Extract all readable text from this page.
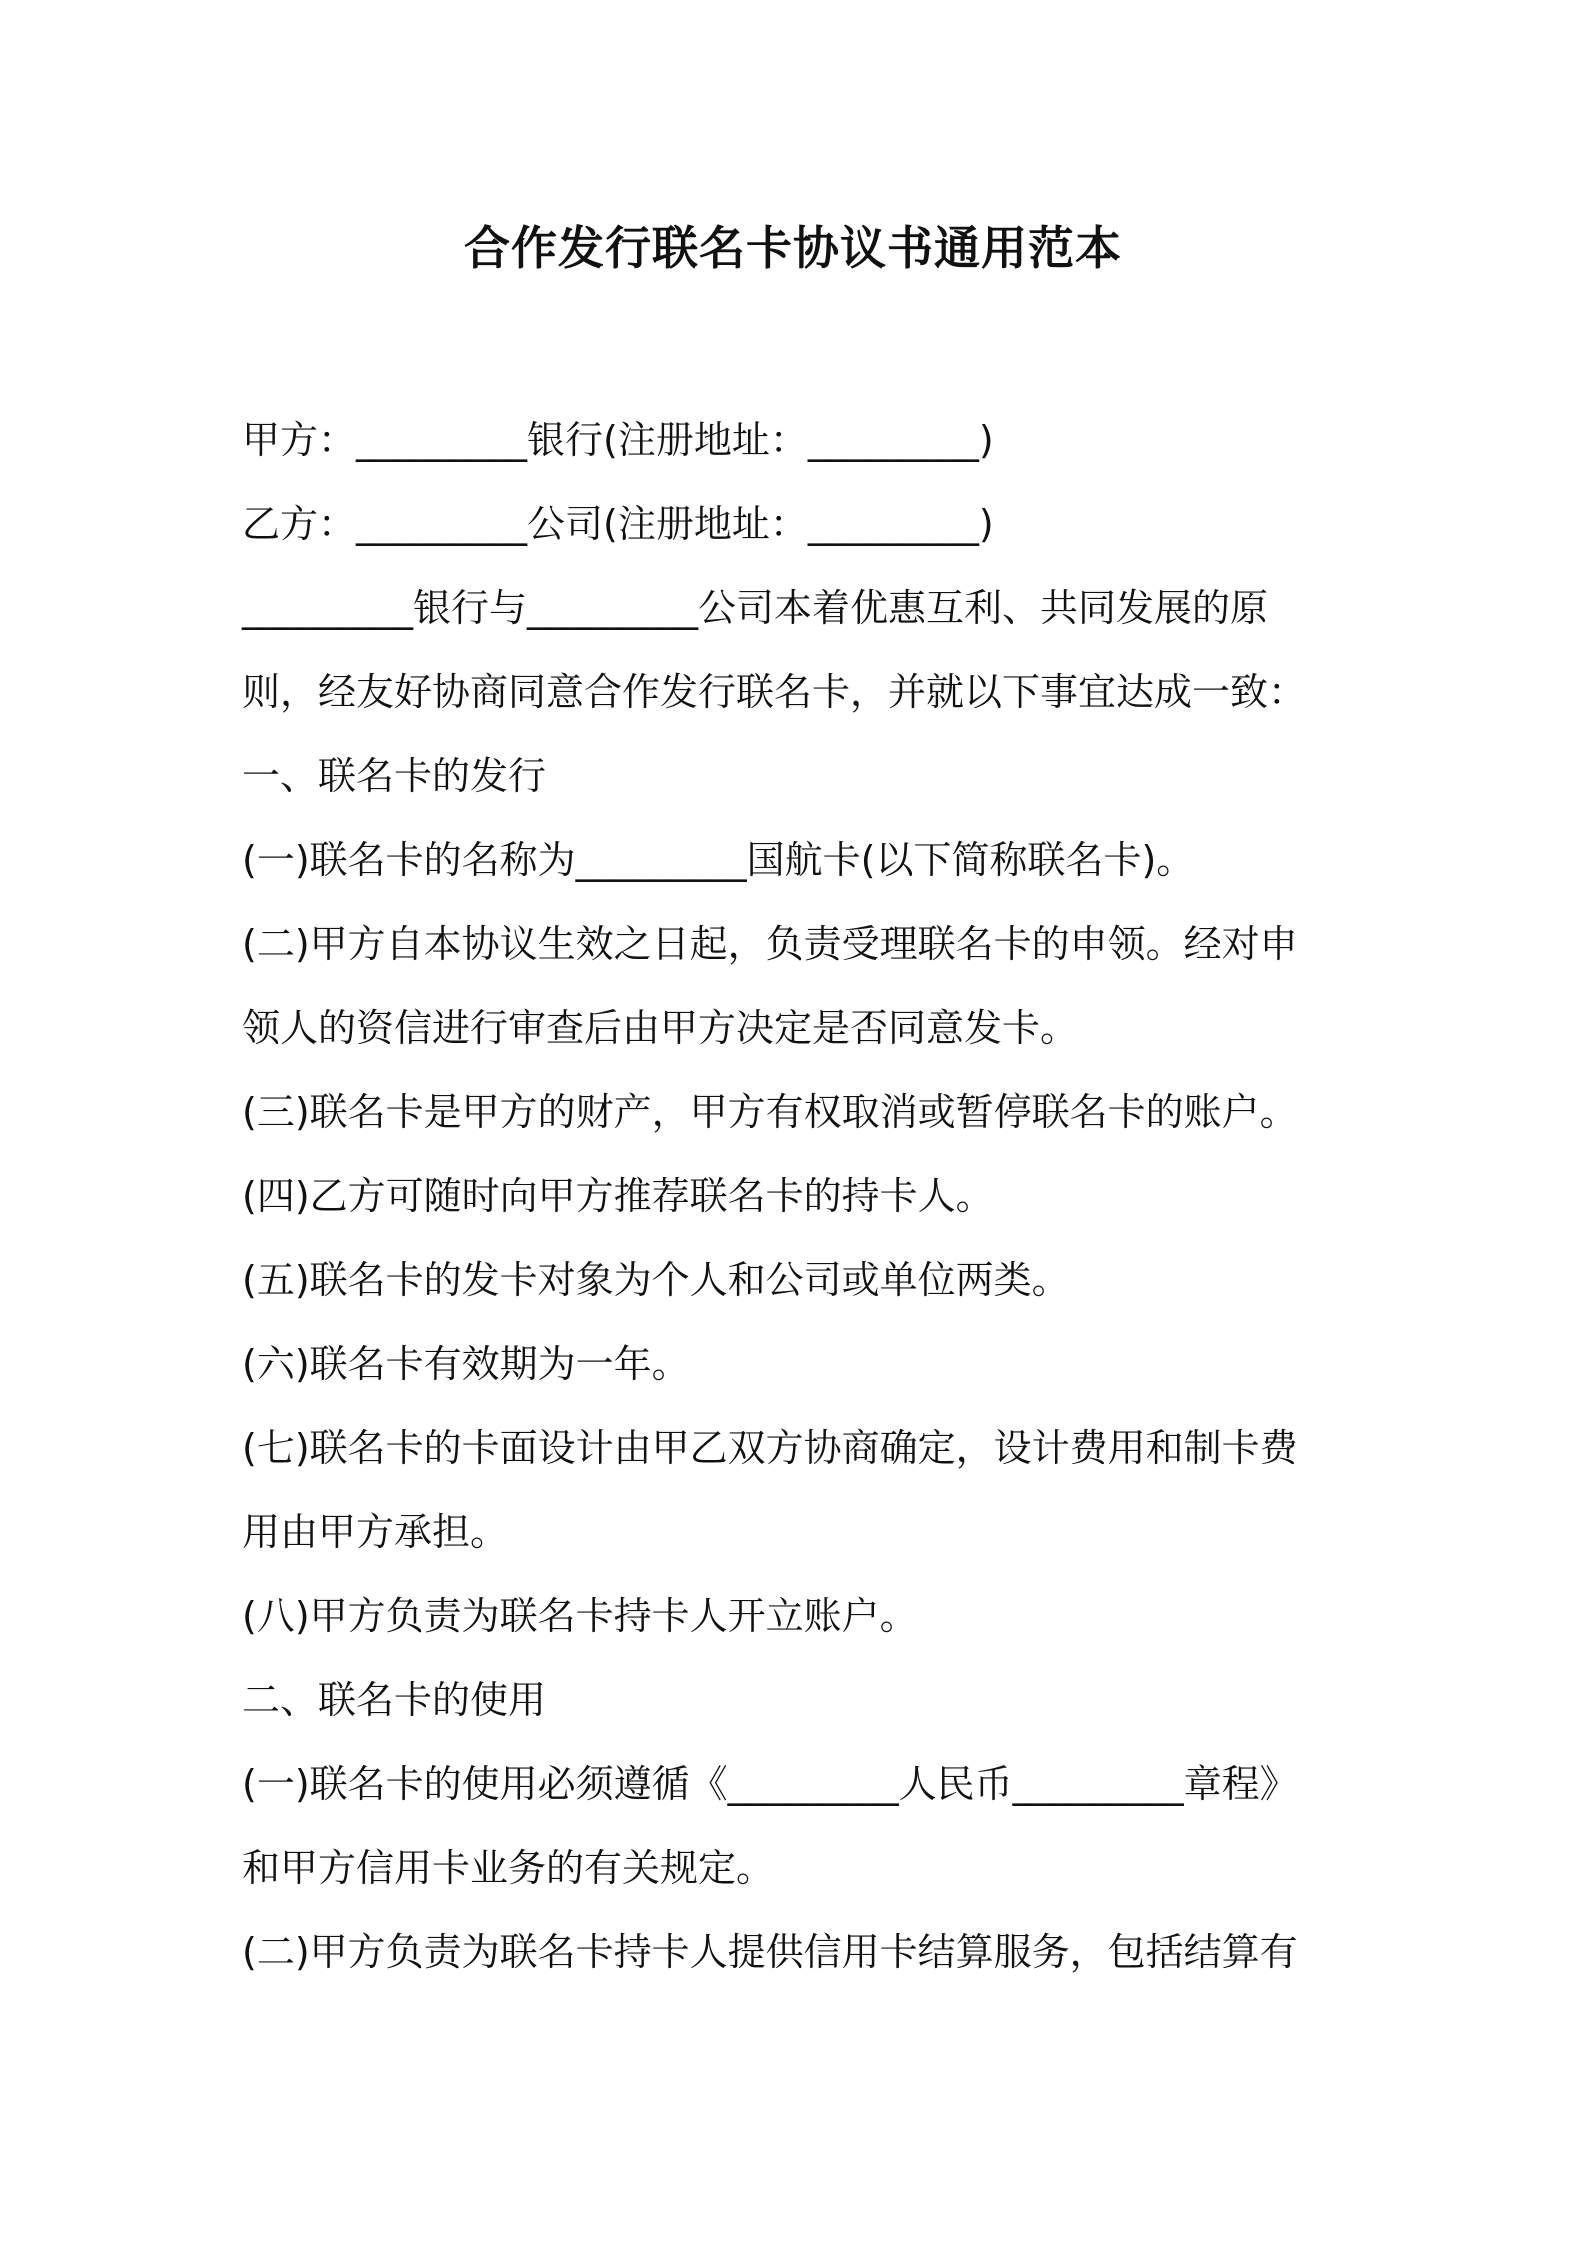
合作发行联名卡协议书通用范本

甲方：_________银行(注册地址：_________)

乙方：_________公司(注册地址：_________)

_________银行与_________公司本着优惠互利、共同发展的原

则，经友好协商同意合作发行联名卡，并就以下事宜达成一致：

一、联名卡的发行

(一)联名卡的名称为_________国航卡(以下简称联名卡)。

(二)甲方自本协议生效之日起，负责受理联名卡的申领。经对申

领人的资信进行审查后由甲方决定是否同意发卡。

(三)联名卡是甲方的财产，甲方有权取消或暂停联名卡的账户。

(四)乙方可随时向甲方推荐联名卡的持卡人。

(五)联名卡的发卡对象为个人和公司或单位两类。

(六)联名卡有效期为一年。

(七)联名卡的卡面设计由甲乙双方协商确定，设计费用和制卡费

用由甲方承担。

(八)甲方负责为联名卡持卡人开立账户。

二、联名卡的使用

(一)联名卡的使用必须遵循《_________人民币_________章程》

和甲方信用卡业务的有关规定。

(二)甲方负责为联名卡持卡人提供信用卡结算服务，包括结算有
